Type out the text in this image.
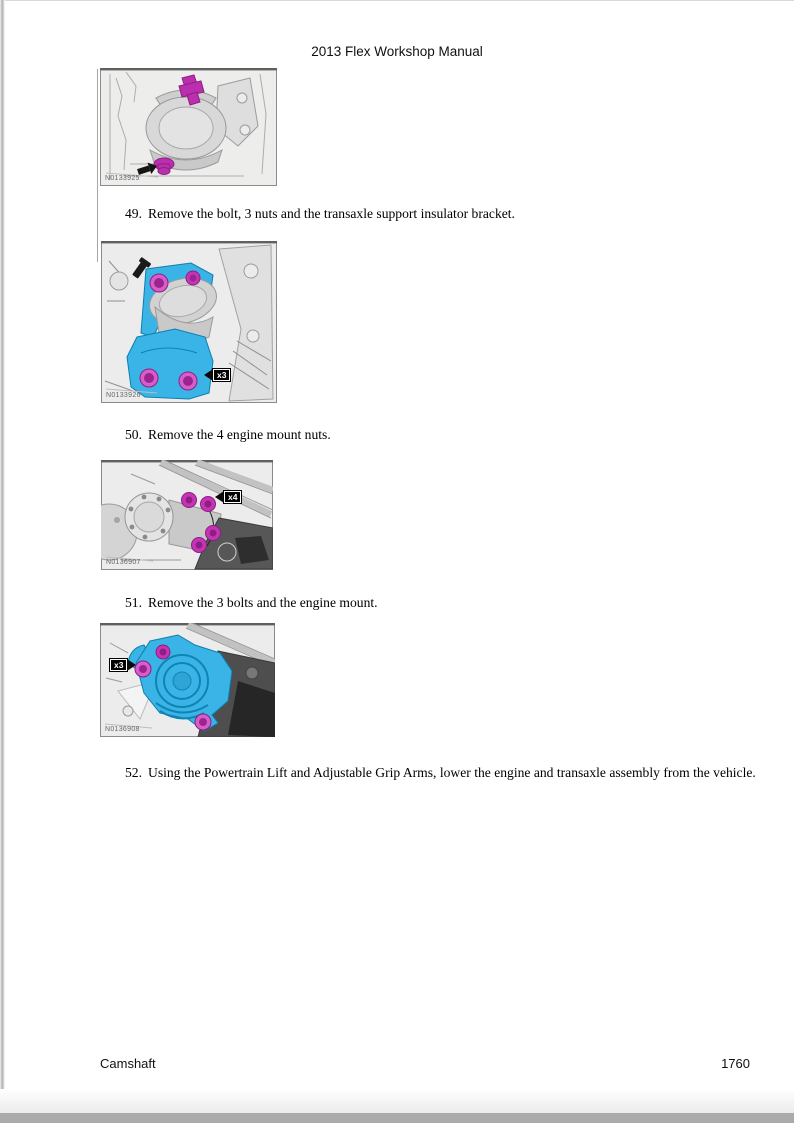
2013 Flex Workshop Manual
N0133925

49. Remove the bolt, 3 nuts and the transaxle support insulator bracket.

N0133926
x3

50. Remove the 4 engine mount nuts.

N0136907
x4

51. Remove the 3 bolts and the engine mount.

N0136908
x3

52. Using the Powertrain Lift and Adjustable Grip Arms, lower the engine and transaxle assembly from the vehicle.

Camshaft	1760
